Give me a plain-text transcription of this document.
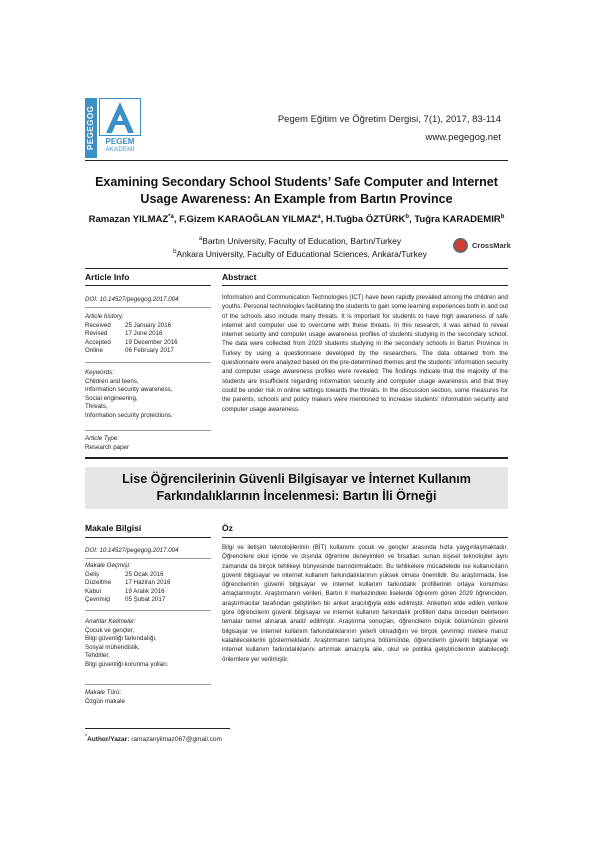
PEGEGOG	PEGEM
AKADEMİ
Pegem Eğitim ve Öğretim Dergisi, 7(1), 2017, 83-114
www.pegegog.net
Examining Secondary School Students’ Safe Computer and Internet
Usage Awareness: An Example from Bartın Province
Ramazan YILMAZ$^{*a}$, F.Gizem KARAOĞLAN YILMAZ$^a$, H.Tuğba ÖZTÜRK$^b$, Tuğra KARADEMIR$^b$
$^a$Bartın University, Faculty of Education, Bartın/Turkey
$^b$Ankara University, Faculty of Educational Sciences, Ankara/Turkey
CrossMark
Article Info	Abstract
DOI: 10.14527/pegegog.2017.004
Article history:
Received 25 January 2016
Revised	17 June 2016
Accepted 19 December 2016
Online	06 February 2017
Keywords:
Children and teens,
Information security awareness,
Social engineering,
Threats,
Information security protections.
Article Type:
Research paper
Information and Communication Technologies (ICT) have been rapidly prevailed among the children and youths. Personal technologies facilitating the students to gain some learning experiences both in and out of the schools also include many threats. It is important for students to have high awareness of safe internet and computer use to overcome with these threats. In this research, it was aimed to reveal internet security and computer usage awareness profiles of students studying in the secondary school. The data were collected from 2029 students studying in the secondary schools in Bartın Province in Turkey by using a questionnaire developed by the researchers. The data obtained from the questionnaire were analyzed based on the pre-determined themes and the students’ information security and computer usage awareness profiles were revealed. The findings indicate that the majority of the students are insufficient regarding information security and computer usage awareness and that they could be under risk in online settings towards the threats. In the discussion section, some measures for the parents, schools and policy makers were mentioned to increase students’ information security and computer usage awareness.
Lise Öğrencilerinin Güvenli Bilgisayar ve İnternet Kullanım
Farkındalıklarının İncelenmesi: Bartın İli Örneği
Makale Bilgisi	Öz
DOI: 10.14527/pegegog.2017.004
Makale Geçmişi:
Geliş	25 Ocak 2016
Düzeltme 17 Haziran 2016
Kabul	19 Aralık 2016
Çevrimiçi 05 Şubat 2017
Anahtar Kelimeler:
Çocuk ve gençler,
Bilgi güvenliği farkındalığı,
Sosyal mühendislik,
Tehditler,
Bilgi güvenliği korunma yolları.
Makale Türü:
Özgün makale
Bilgi ve iletişim teknolojilerinin (BİT) kullanımı çocuk ve gençler arasında hızla yaygınlaşmaktadır. Öğrencilere okul içinde ve dışında öğrenme deneyimleri ve fırsatları sunan kişisel teknolojiler aynı zamanda da birçok tehlikeyi bünyesinde barındırmaktadır. Bu tehlikelere mücadelede ise kullanıcıların güvenli bilgisayar ve internet kullanım farkındalıklarının yüksek olması önemlidir. Bu araştırmada, lise öğrencilerinin güvenli bilgisayar ve internet kullanım farkındalık profillerinin ortaya konulması amaçlanmıştır. Araştırmanın verileri, Bartın il merkezindeki liselerde öğrenim gören 2029 öğrenciden, araştırmacılar tarafından geliştirilen bir anket aracılığıyla elde edilmiştir. Anketten elde edilen verilere göre öğrencilerin güvenli bilgisayar ve internet kullanım farkındalık profilleri daha önceden belirlenen temalar temel alınarak analiz edilmiştir. Araştırma sonuçları, öğrencilerin büyük bölümünün güvenli bilgisayar ve internet kullanım farkındalıklarının yeterli olmadığını ve birçok çevrimiçi risklere maruz kalabileceklerini göstermektedir. Araştırmanın tartışma bölümünde, öğrencilerin güvenli bilgisayar ve internet kullanım farkındalıklarını artırmak amacıyla aile, okul ve politika geliştiricilerinin alabileceği önlemlere yer verilmiştir.
*Author/Yazar: ramazanyilmaz067@gmail.com
